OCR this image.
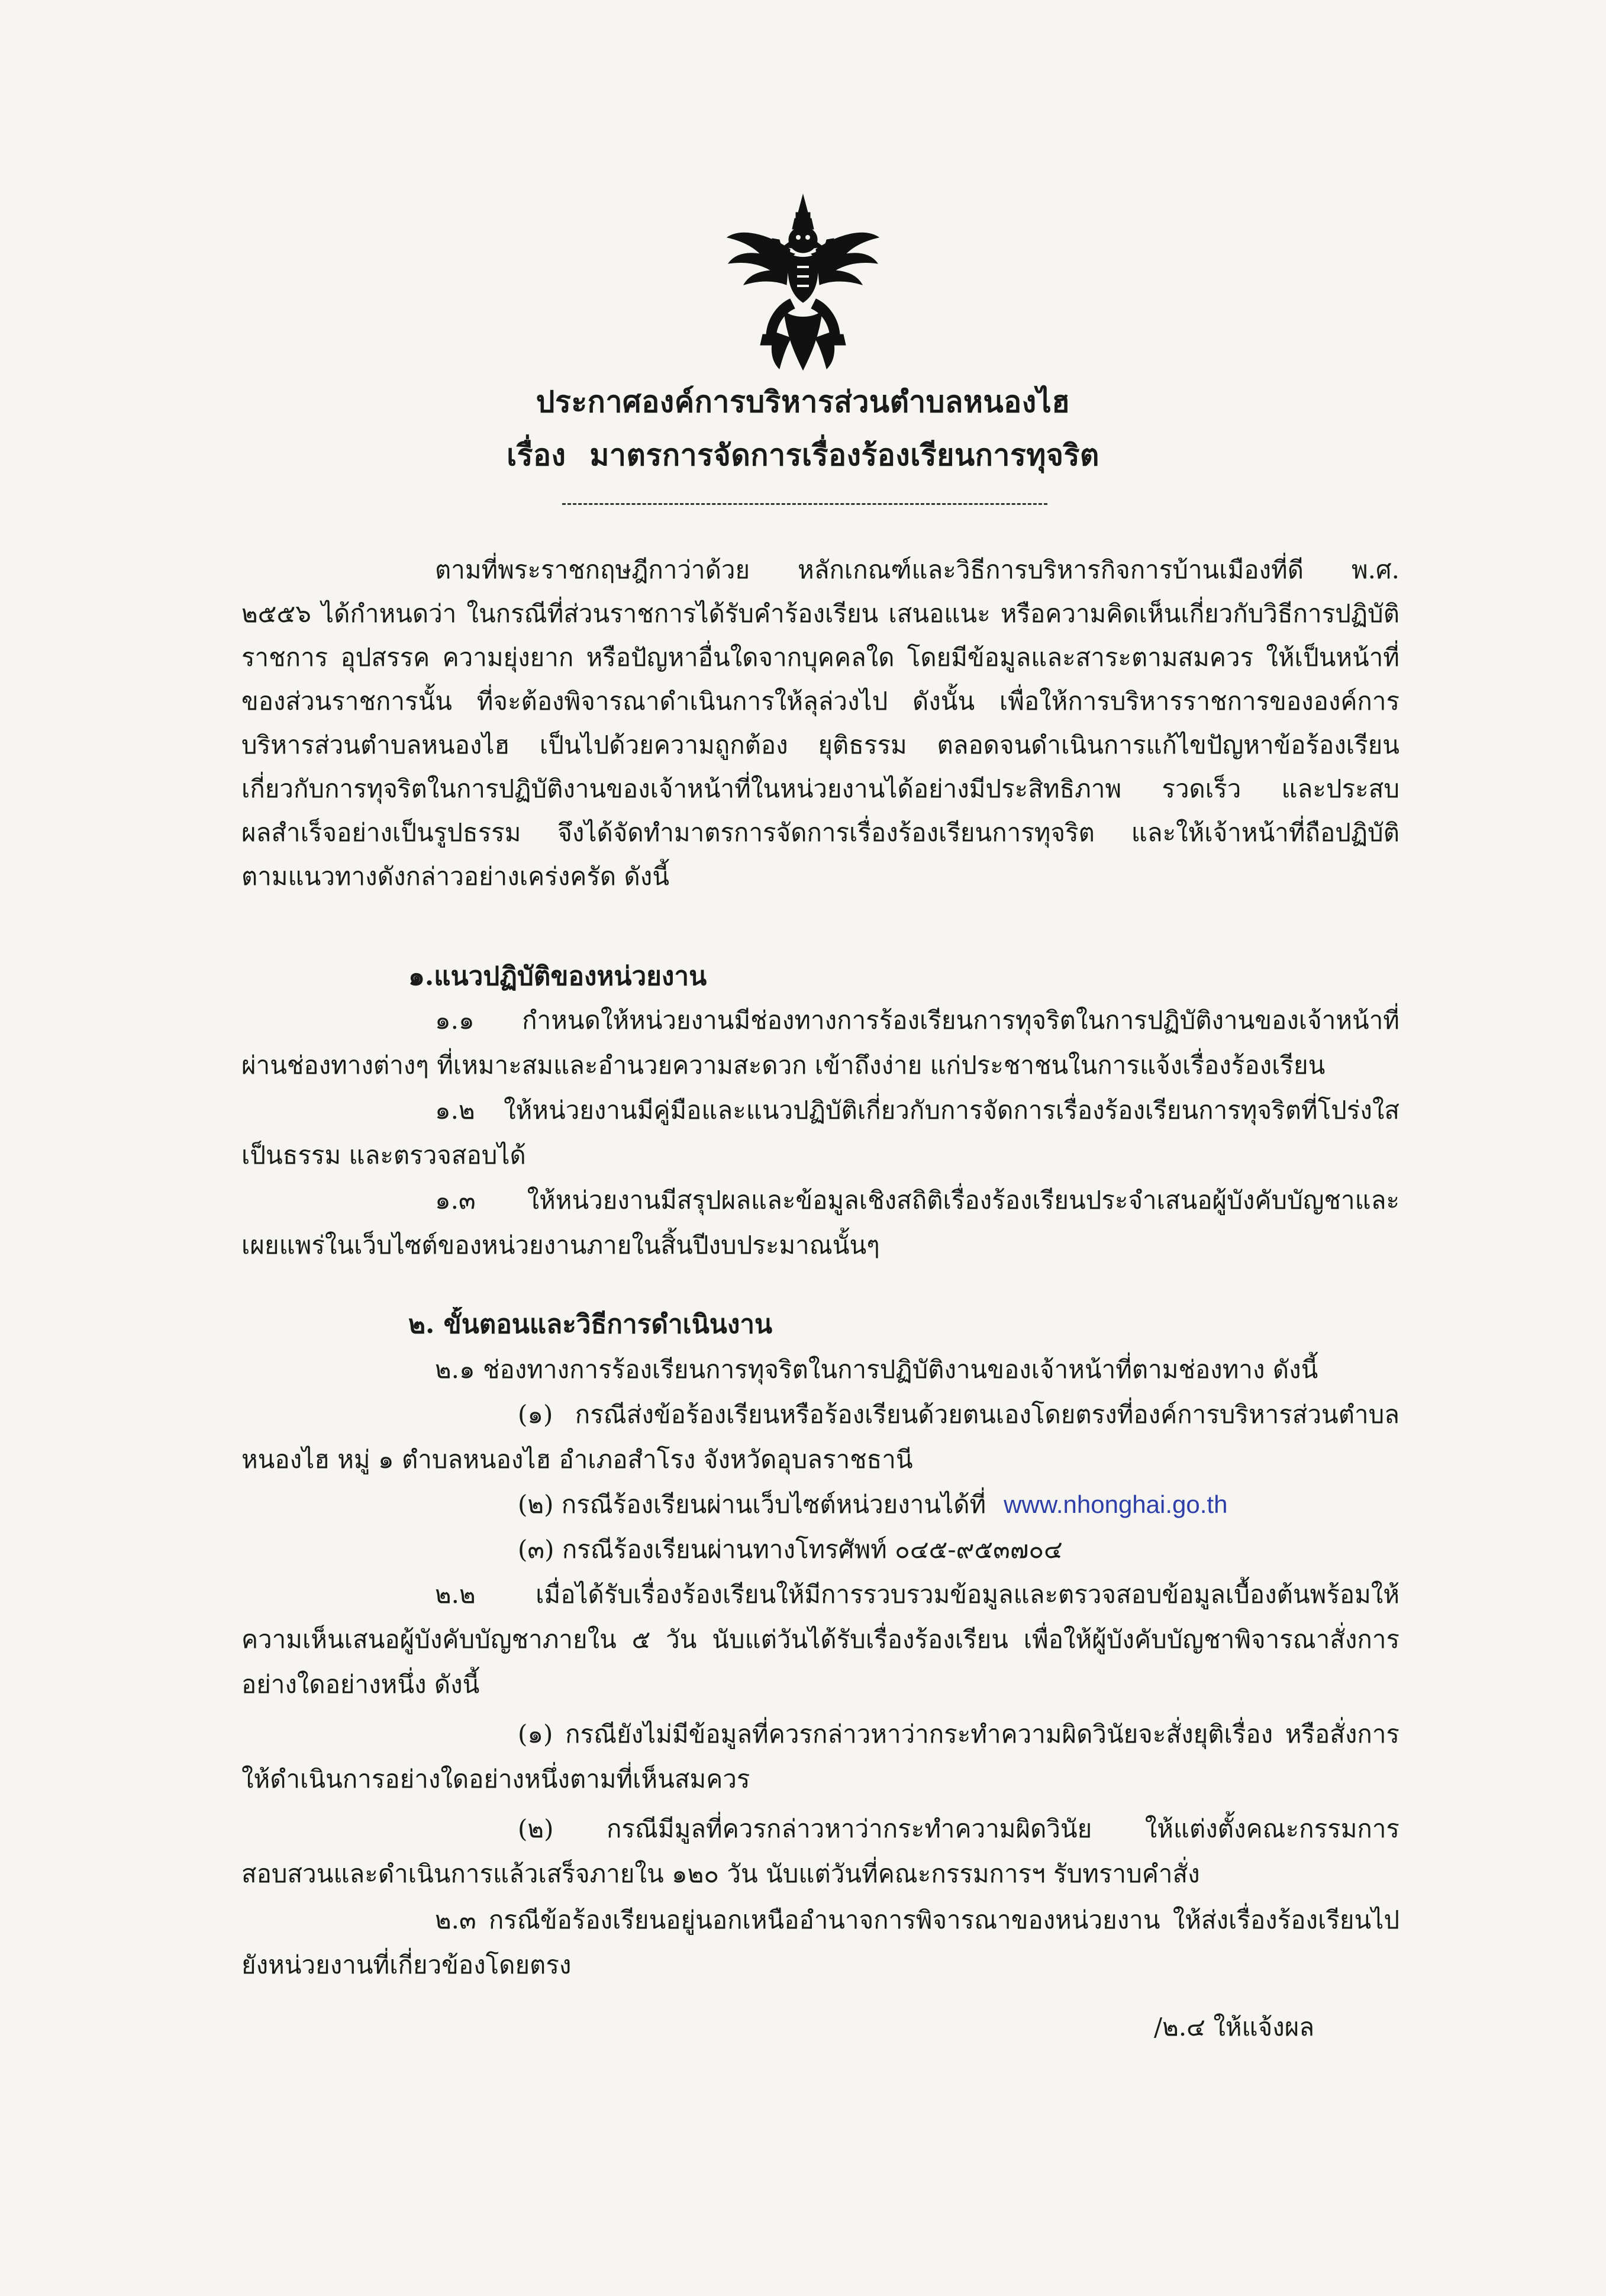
ประกาศองค์การบริหารส่วนตำบลหนองไฮ
เรื่อง มาตรการจัดการเรื่องร้องเรียนการทุจริต
ตามที่พระราชกฤษฎีกาว่าด้วย หลักเกณฑ์และวิธีการบริหารกิจการบ้านเมืองที่ดี พ.ศ.
๒๕๕๖ ได้กำหนดว่า ในกรณีที่ส่วนราชการได้รับคำร้องเรียน เสนอแนะ หรือความคิดเห็นเกี่ยวกับวิธีการปฏิบัติ
ราชการ อุปสรรค ความยุ่งยาก หรือปัญหาอื่นใดจากบุคคลใด โดยมีข้อมูลและสาระตามสมควร ให้เป็นหน้าที่
ของส่วนราชการนั้น ที่จะต้องพิจารณาดำเนินการให้ลุล่วงไป ดังนั้น เพื่อให้การบริหารราชการขององค์การ
บริหารส่วนตำบลหนองไฮ เป็นไปด้วยความถูกต้อง ยุติธรรม ตลอดจนดำเนินการแก้ไขปัญหาข้อร้องเรียน
เกี่ยวกับการทุจริตในการปฏิบัติงานของเจ้าหน้าที่ในหน่วยงานได้อย่างมีประสิทธิภาพ รวดเร็ว และประสบ
ผลสำเร็จอย่างเป็นรูปธรรม จึงได้จัดทำมาตรการจัดการเรื่องร้องเรียนการทุจริต และให้เจ้าหน้าที่ถือปฏิบัติ
ตามแนวทางดังกล่าวอย่างเคร่งครัด ดังนี้
๑.แนวปฏิบัติของหน่วยงาน
๑.๑ กำหนดให้หน่วยงานมีช่องทางการร้องเรียนการทุจริตในการปฏิบัติงานของเจ้าหน้าที่
ผ่านช่องทางต่างๆ ที่เหมาะสมและอำนวยความสะดวก เข้าถึงง่าย แก่ประชาชนในการแจ้งเรื่องร้องเรียน
๑.๒ ให้หน่วยงานมีคู่มือและแนวปฏิบัติเกี่ยวกับการจัดการเรื่องร้องเรียนการทุจริตที่โปร่งใส
เป็นธรรม และตรวจสอบได้
๑.๓ ให้หน่วยงานมีสรุปผลและข้อมูลเชิงสถิติเรื่องร้องเรียนประจำเสนอผู้บังคับบัญชาและ
เผยแพร่ในเว็บไซต์ของหน่วยงานภายในสิ้นปีงบประมาณนั้นๆ
๒. ขั้นตอนและวิธีการดำเนินงาน
๒.๑ ช่องทางการร้องเรียนการทุจริตในการปฏิบัติงานของเจ้าหน้าที่ตามช่องทาง ดังนี้
(๑) กรณีส่งข้อร้องเรียนหรือร้องเรียนด้วยตนเองโดยตรงที่องค์การบริหารส่วนตำบล
หนองไฮ หมู่ ๑ ตำบลหนองไฮ อำเภอสำโรง จังหวัดอุบลราชธานี
(๒) กรณีร้องเรียนผ่านเว็บไซต์หน่วยงานได้ที่ www.nhonghai.go.th
(๓) กรณีร้องเรียนผ่านทางโทรศัพท์ ๐๔๕-๙๕๓๗๐๔
๒.๒ เมื่อได้รับเรื่องร้องเรียนให้มีการรวบรวมข้อมูลและตรวจสอบข้อมูลเบื้องต้นพร้อมให้
ความเห็นเสนอผู้บังคับบัญชาภายใน ๕ วัน นับแต่วันได้รับเรื่องร้องเรียน เพื่อให้ผู้บังคับบัญชาพิจารณาสั่งการ
อย่างใดอย่างหนึ่ง ดังนี้
(๑) กรณียังไม่มีข้อมูลที่ควรกล่าวหาว่ากระทำความผิดวินัยจะสั่งยุติเรื่อง หรือสั่งการ
ให้ดำเนินการอย่างใดอย่างหนึ่งตามที่เห็นสมควร
(๒) กรณีมีมูลที่ควรกล่าวหาว่ากระทำความผิดวินัย ให้แต่งตั้งคณะกรรมการ
สอบสวนและดำเนินการแล้วเสร็จภายใน ๑๒๐ วัน นับแต่วันที่คณะกรรมการฯ รับทราบคำสั่ง
๒.๓ กรณีข้อร้องเรียนอยู่นอกเหนืออำนาจการพิจารณาของหน่วยงาน ให้ส่งเรื่องร้องเรียนไป
ยังหน่วยงานที่เกี่ยวข้องโดยตรง
/๒.๔ ให้แจ้งผล
